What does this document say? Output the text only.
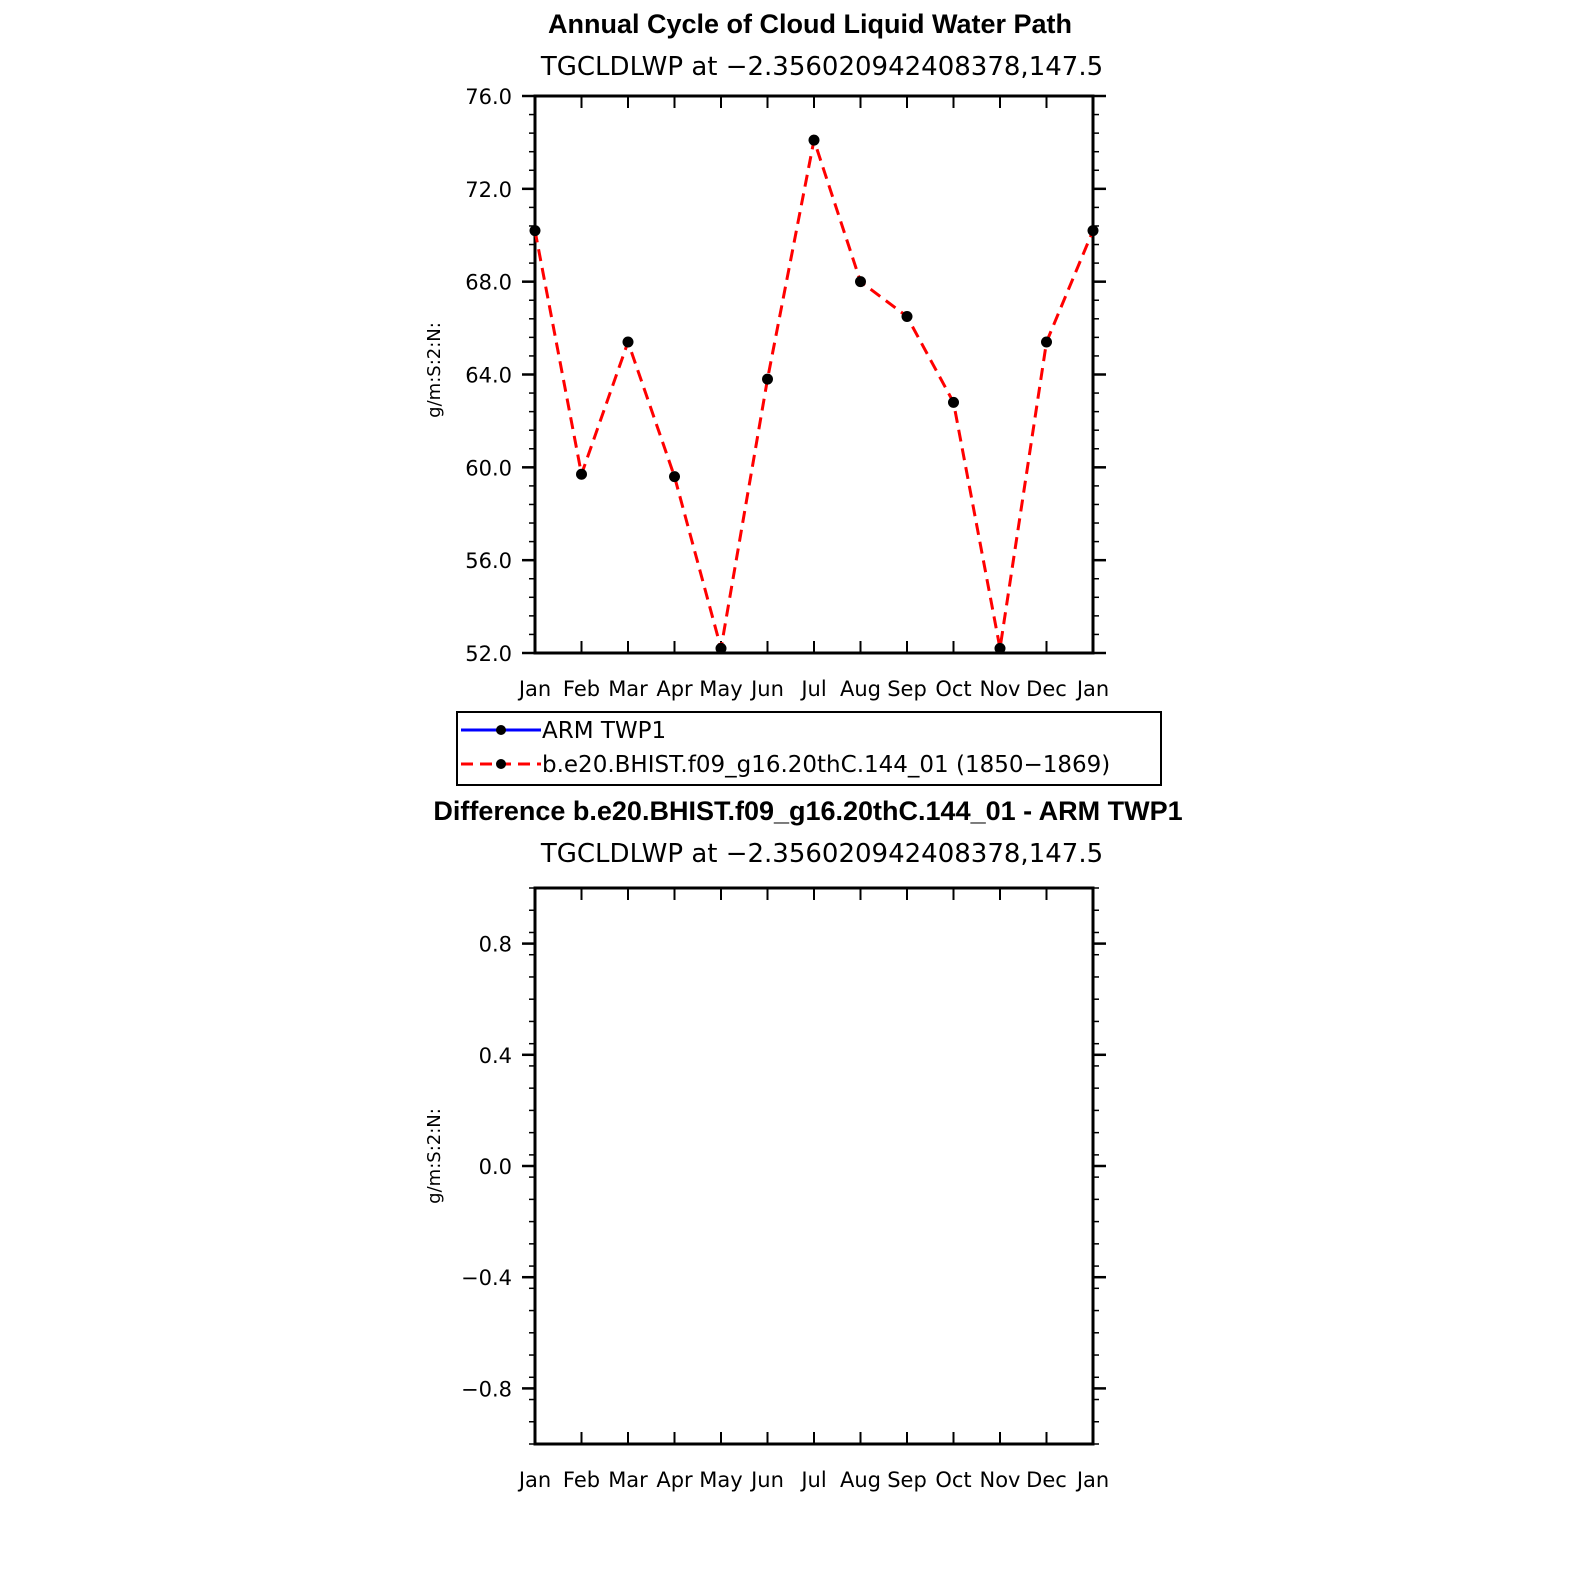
Annual Cycle of Cloud Liquid Water Path
TGCLDLWP at −2.356020942408378,147.5
Jan Feb Mar Apr May Jun Jul Aug Sep Oct Nov Dec Jan
52.0
56.0
60.0
64.0
68.0
72.0
76.0
g/m:S:2:N:
ARM TWP1
b.e20.BHIST.f09_g16.20thC.144_01 (1850−1869)
Difference b.e20.BHIST.f09_g16.20thC.144_01 - ARM TWP1
TGCLDLWP at −2.356020942408378,147.5
Jan Feb Mar Apr May Jun Jul Aug Sep Oct Nov Dec Jan
−0.8
−0.4
0.0
0.4
0.8
g/m:S:2:N:
